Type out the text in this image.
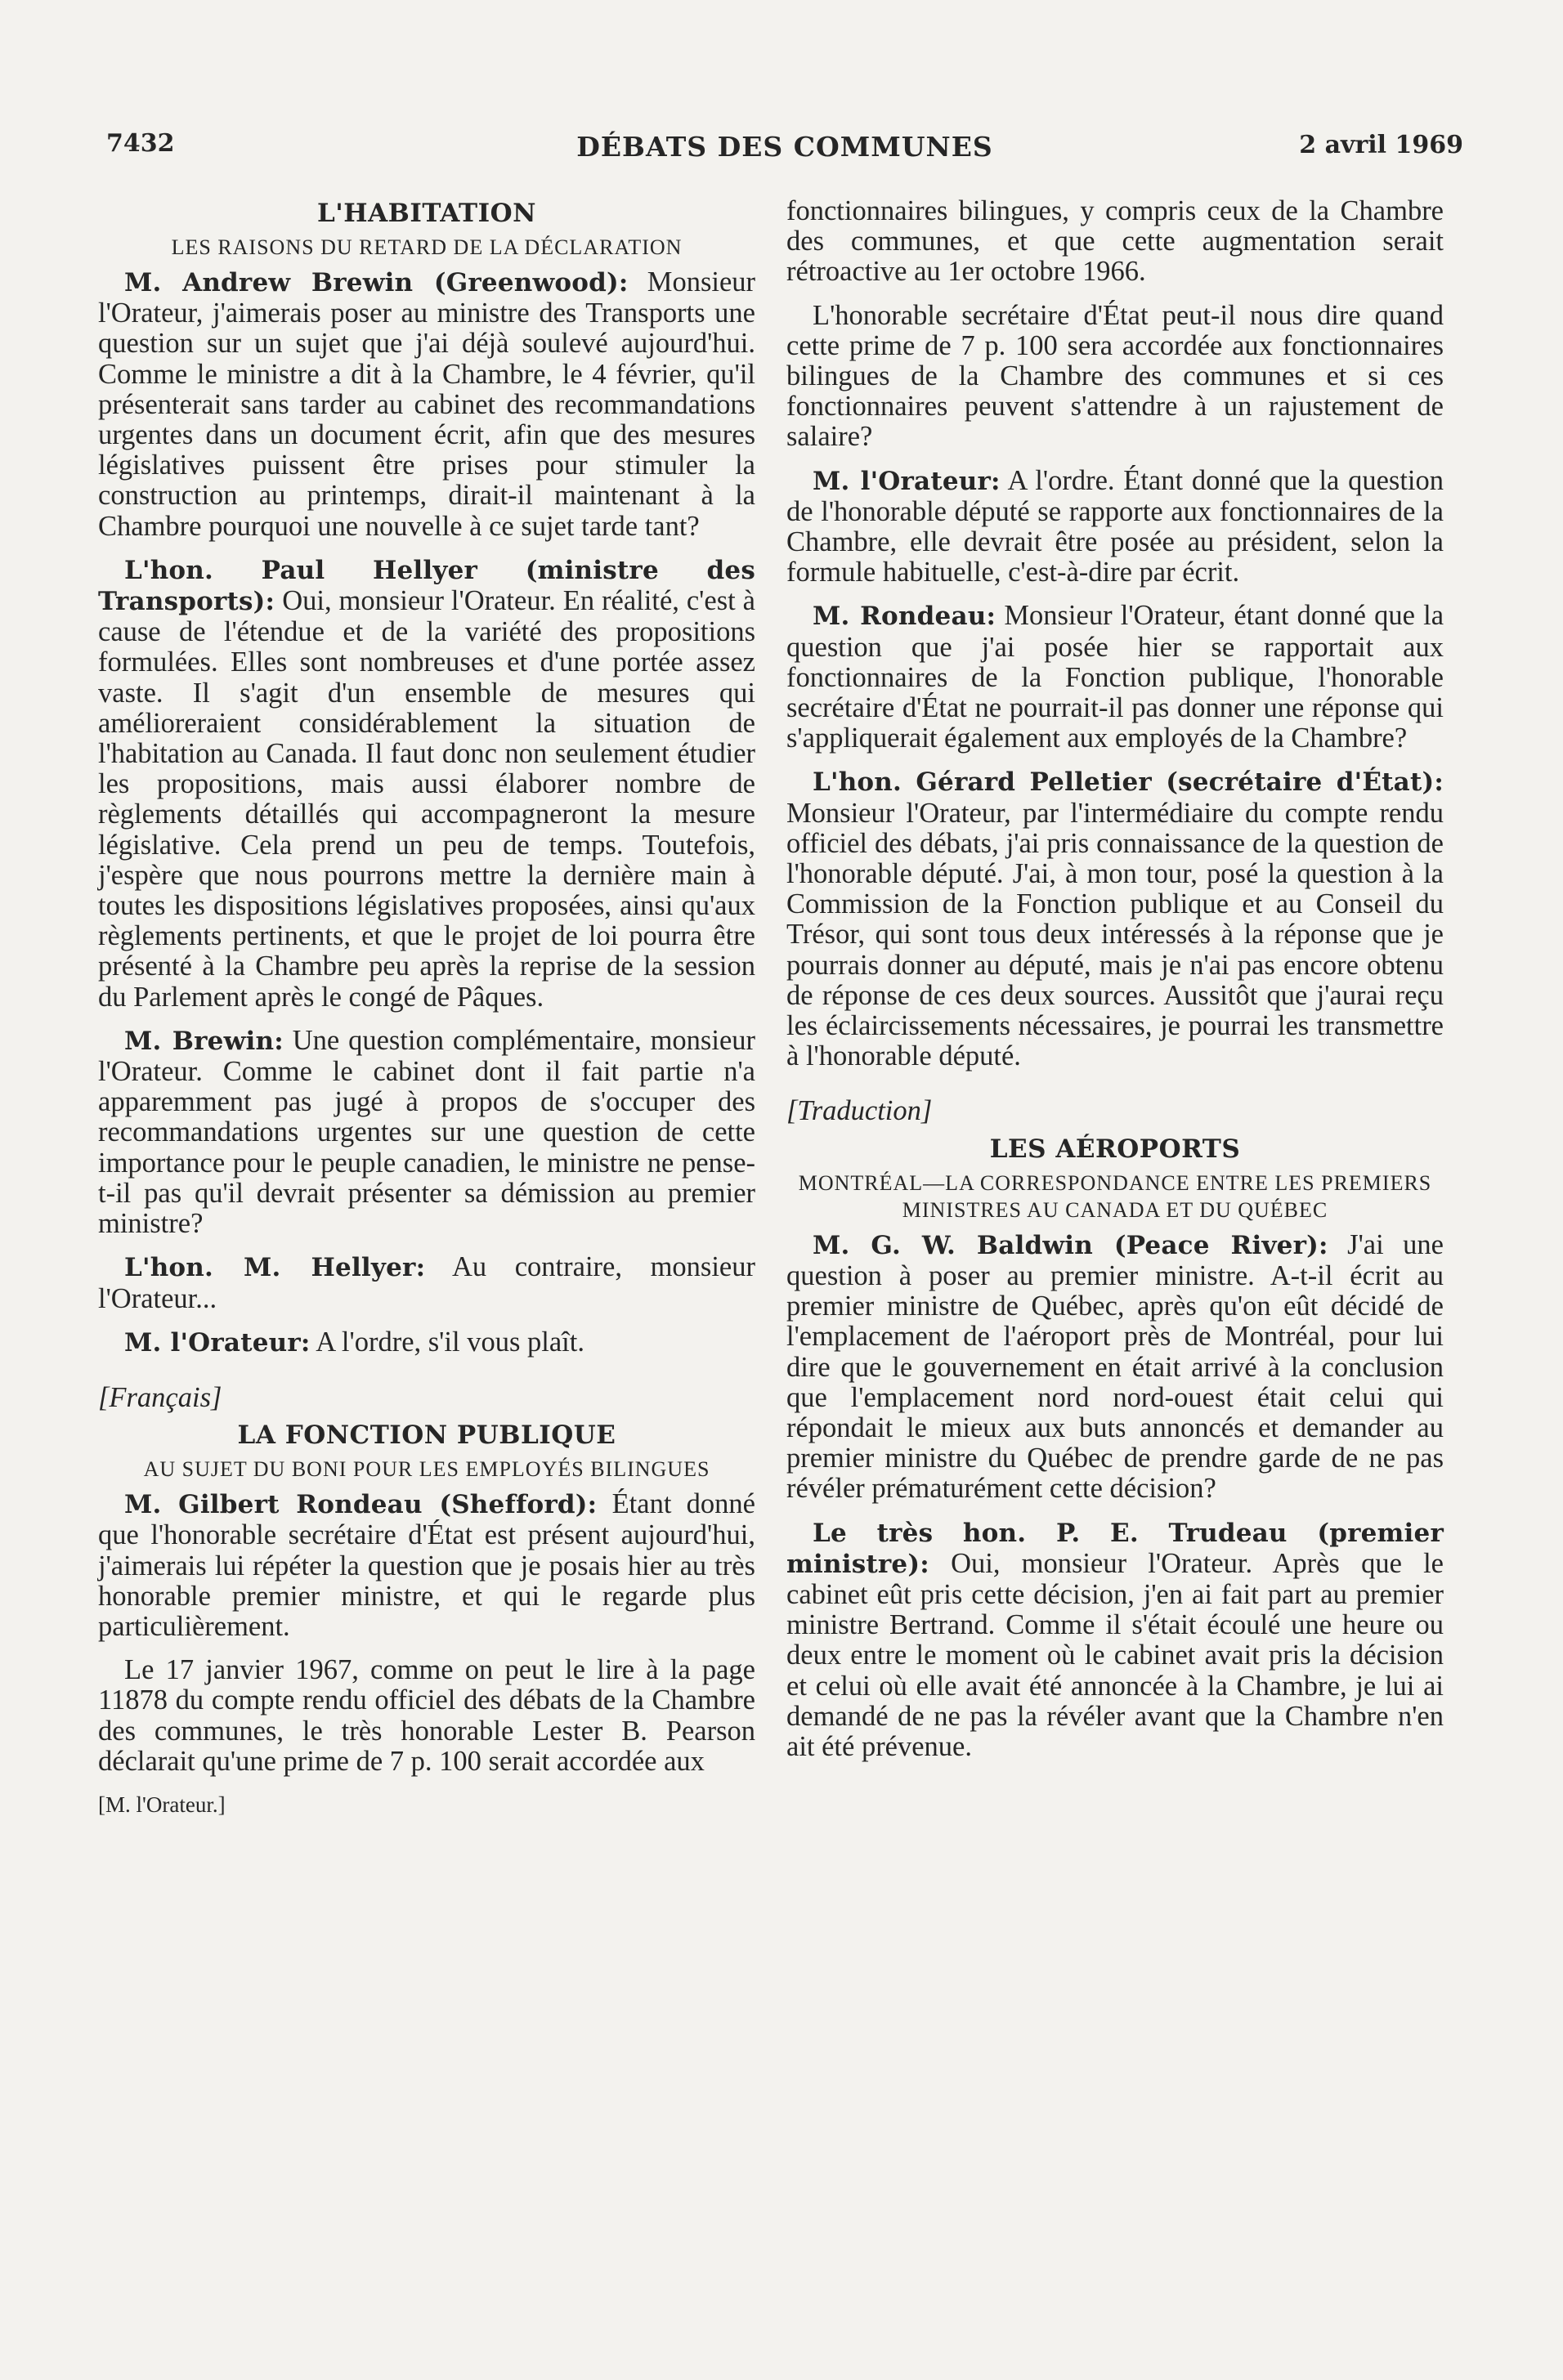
7432	DÉBATS DES COMMUNES	2 avril 1969
L'HABITATION
LES RAISONS DU RETARD DE LA DÉCLARATION

M. Andrew Brewin (Greenwood): Monsieur l'Orateur, j'aimerais poser au ministre des Transports une question sur un sujet que j'ai déjà soulevé aujourd'hui. Comme le ministre a dit à la Chambre, le 4 février, qu'il présenterait sans tarder au cabinet des recommandations urgentes dans un document écrit, afin que des mesures législatives puissent être prises pour stimuler la construction au printemps, dirait-il maintenant à la Chambre pourquoi une nouvelle à ce sujet tarde tant?

L'hon. Paul Hellyer (ministre des Transports): Oui, monsieur l'Orateur. En réalité, c'est à cause de l'étendue et de la variété des propositions formulées. Elles sont nombreuses et d'une portée assez vaste. Il s'agit d'un ensemble de mesures qui amélioreraient considérablement la situation de l'habitation au Canada. Il faut donc non seulement étudier les propositions, mais aussi élaborer nombre de règlements détaillés qui accompagneront la mesure législative. Cela prend un peu de temps. Toutefois, j'espère que nous pourrons mettre la dernière main à toutes les dispositions législatives proposées, ainsi qu'aux règlements pertinents, et que le projet de loi pourra être présenté à la Chambre peu après la reprise de la session du Parlement après le congé de Pâques.

M. Brewin: Une question complémentaire, monsieur l'Orateur. Comme le cabinet dont il fait partie n'a apparemment pas jugé à propos de s'occuper des recommandations urgentes sur une question de cette importance pour le peuple canadien, le ministre ne pense-t-il pas qu'il devrait présenter sa démission au premier ministre?

L'hon. M. Hellyer: Au contraire, monsieur l'Orateur...

M. l'Orateur: A l'ordre, s'il vous plaît.

[Français]
LA FONCTION PUBLIQUE
AU SUJET DU BONI POUR LES EMPLOYÉS BILINGUES

M. Gilbert Rondeau (Shefford): Étant donné que l'honorable secrétaire d'État est présent aujourd'hui, j'aimerais lui répéter la question que je posais hier au très honorable premier ministre, et qui le regarde plus particulièrement.

Le 17 janvier 1967, comme on peut le lire à la page 11878 du compte rendu officiel des débats de la Chambre des communes, le très honorable Lester B. Pearson déclarait qu'une prime de 7 p. 100 serait accordée aux

[M. l'Orateur.]

fonctionnaires bilingues, y compris ceux de la Chambre des communes, et que cette augmentation serait rétroactive au 1er octobre 1966.

L'honorable secrétaire d'État peut-il nous dire quand cette prime de 7 p. 100 sera accordée aux fonctionnaires bilingues de la Chambre des communes et si ces fonctionnaires peuvent s'attendre à un rajustement de salaire?

M. l'Orateur: A l'ordre. Étant donné que la question de l'honorable député se rapporte aux fonctionnaires de la Chambre, elle devrait être posée au président, selon la formule habituelle, c'est-à-dire par écrit.

M. Rondeau: Monsieur l'Orateur, étant donné que la question que j'ai posée hier se rapportait aux fonctionnaires de la Fonction publique, l'honorable secrétaire d'État ne pourrait-il pas donner une réponse qui s'appliquerait également aux employés de la Chambre?

L'hon. Gérard Pelletier (secrétaire d'État): Monsieur l'Orateur, par l'intermédiaire du compte rendu officiel des débats, j'ai pris connaissance de la question de l'honorable député. J'ai, à mon tour, posé la question à la Commission de la Fonction publique et au Conseil du Trésor, qui sont tous deux intéressés à la réponse que je pourrais donner au député, mais je n'ai pas encore obtenu de réponse de ces deux sources. Aussitôt que j'aurai reçu les éclaircissements nécessaires, je pourrai les transmettre à l'honorable député.

[Traduction]
LES AÉROPORTS
MONTRÉAL—LA CORRESPONDANCE ENTRE LES PREMIERS MINISTRES AU CANADA ET DU QUÉBEC

M. G. W. Baldwin (Peace River): J'ai une question à poser au premier ministre. A-t-il écrit au premier ministre de Québec, après qu'on eût décidé de l'emplacement de l'aéroport près de Montréal, pour lui dire que le gouvernement en était arrivé à la conclusion que l'emplacement nord nord-ouest était celui qui répondait le mieux aux buts annoncés et demander au premier ministre du Québec de prendre garde de ne pas révéler prématurément cette décision?

Le très hon. P. E. Trudeau (premier ministre): Oui, monsieur l'Orateur. Après que le cabinet eût pris cette décision, j'en ai fait part au premier ministre Bertrand. Comme il s'était écoulé une heure ou deux entre le moment où le cabinet avait pris la décision et celui où elle avait été annoncée à la Chambre, je lui ai demandé de ne pas la révéler avant que la Chambre n'en ait été prévenue.
